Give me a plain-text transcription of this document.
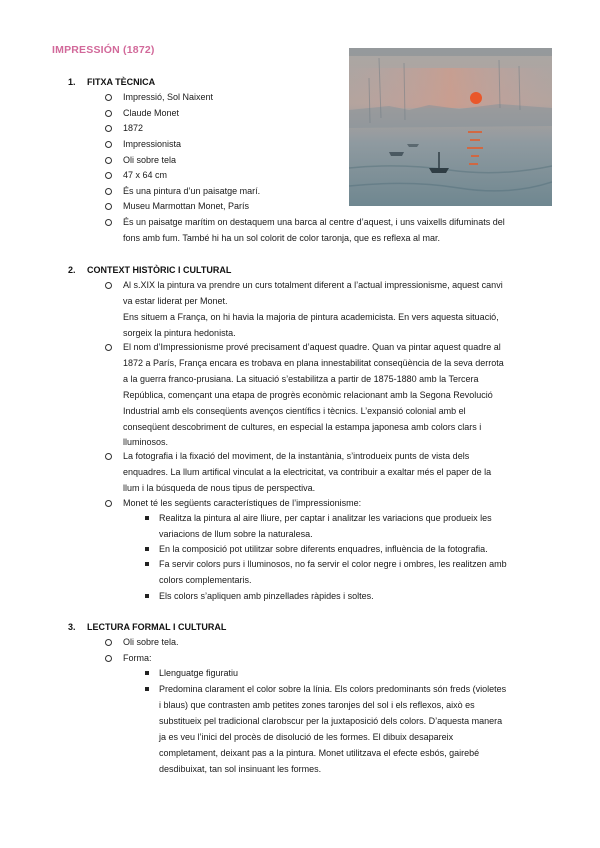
IMPRESSIÓN (1872)
1. FITXA TÈCNICA
Impressió, Sol Naixent
Claude Monet
1872
Impressionista
Oli sobre tela
47 x 64 cm
És una pintura d’un paisatge marí.
Museu Marmottan Monet, París
És un paisatge marítim on destaquem una barca al centre d’aquest, i uns vaixells difuminats del
fons amb fum. També hi ha un sol colorit de color taronja, que es reflexa al mar.
2. CONTEXT HISTÒRIC I CULTURAL
Al s.XIX la pintura va prendre un curs totalment diferent a l’actual impressionisme, aquest canvi
va estar liderat per Monet.
Ens situem a França, on hi havia la majoria de pintura academicista. En vers aquesta situació,
sorgeix la pintura hedonista.
El nom d’Impressionisme prové precisament d’aquest quadre. Quan va pintar aquest quadre al
1872 a París, França encara es trobava en plana innestabilitat conseqüència de la seva derrota
a la guerra franco-prusiana. La situació s’estabilitza a partir de 1875-1880 amb la Tercera
República, començant una etapa de progrès econòmic relacionant amb la Segona Revolució
Industrial amb els conseqüents avenços científics i tècnics. L’expansió colonial amb el
conseqüent descobriment de cultures, en especial la estampa japonesa amb colors clars i
lluminosos.
La fotografia i la fixació del moviment, de la instantània, s’introdueix punts de vista dels
enquadres. La llum artifical vinculat a la electricitat, va contribuir a exaltar més el paper de la
llum i la búsqueda de nous tipus de perspectiva.
Monet té les següents característiques de l’impressionisme:
Realitza la pintura al aire lliure, per captar i analitzar les variacions que produeix les
variacions de llum sobre la naturalesa.
En la composició pot utilitzar sobre diferents enquadres, influència de la fotografia.
Fa servir colors purs i lluminosos, no fa servir el color negre i ombres, les realitzen amb
colors complementaris.
Els colors s’apliquen amb pinzellades ràpides i soltes.
3. LECTURA FORMAL I CULTURAL
Oli sobre tela.
Forma:
Llenguatge figuratiu
Predomina clarament el color sobre la línia. Els colors predominants són freds (violetes
i blaus) que contrasten amb petites zones taronjes del sol i els reflexos, això es
substitueix pel tradicional clarobscur per la juxtaposició dels colors. D’aquesta manera
ja es veu l’inici del procès de disolució de les formes. El dibuix desapareix
completament, deixant pas a la pintura. Monet utilitzava el efecte esbós, gairebé
desdibuixat, tan sol insinuant les formes.
